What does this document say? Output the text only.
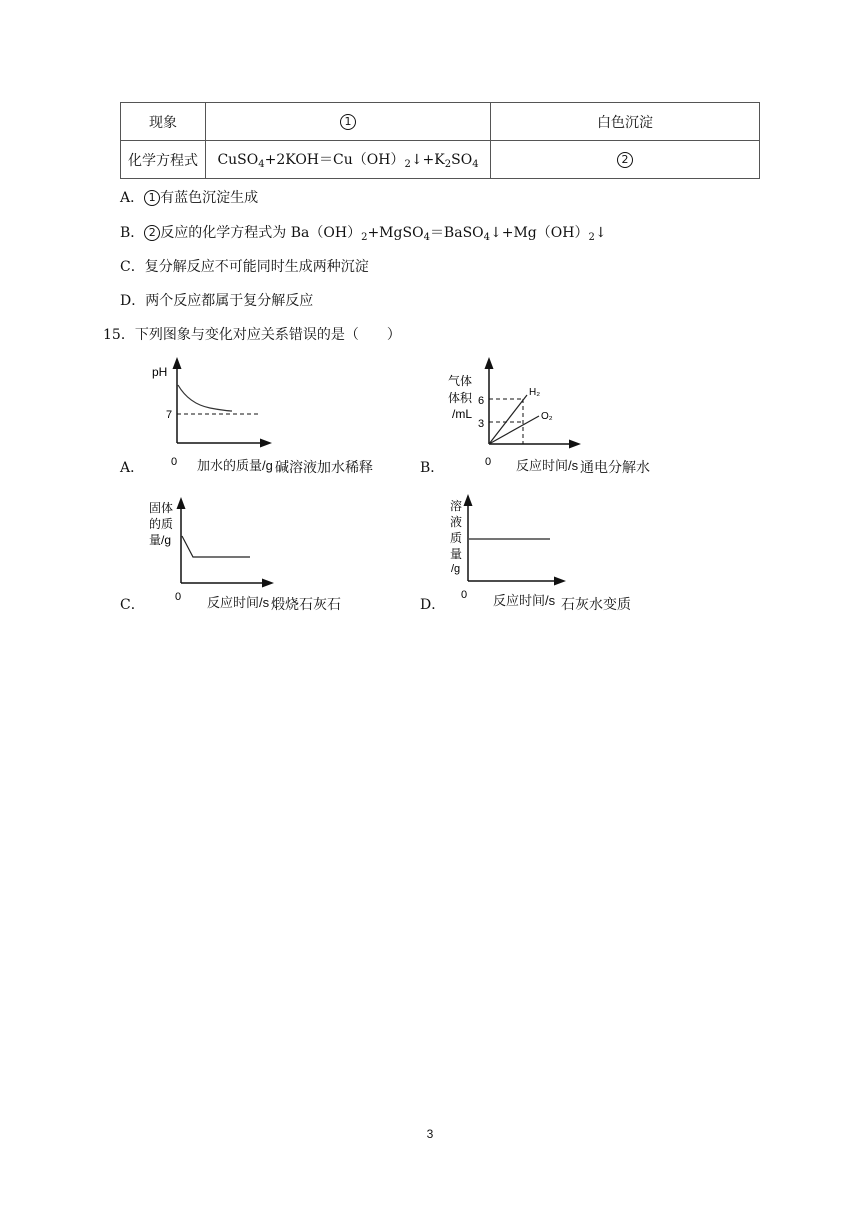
现象	1	白色沉淀
化学方程式	$CuSO_4+2KOH=Cu(OH)_2↓+K_2SO_4$	2
A． 1 有蓝色沉淀生成
B． 2 反应的化学方程式为 $Ba(OH)_2+MgSO_4=BaSO_4↓+Mg(OH)_2↓$
C．复分解反应不可能同时生成两种沉淀
D．两个反应都属于复分解反应
15．下列图象与变化对应关系错误的是（　　）
A．
pH
7
0 加水的质量/g 碱溶液加水稀释	B．
气体
体积
/mL
6
3
H₂
O₂
0 反应时间/s 通电分解水
C．
固体
的质
量/g
0 反应时间/s 煅烧石灰石	D．
溶
液
质
量
/g
0 反应时间/s 石灰水变质
3
